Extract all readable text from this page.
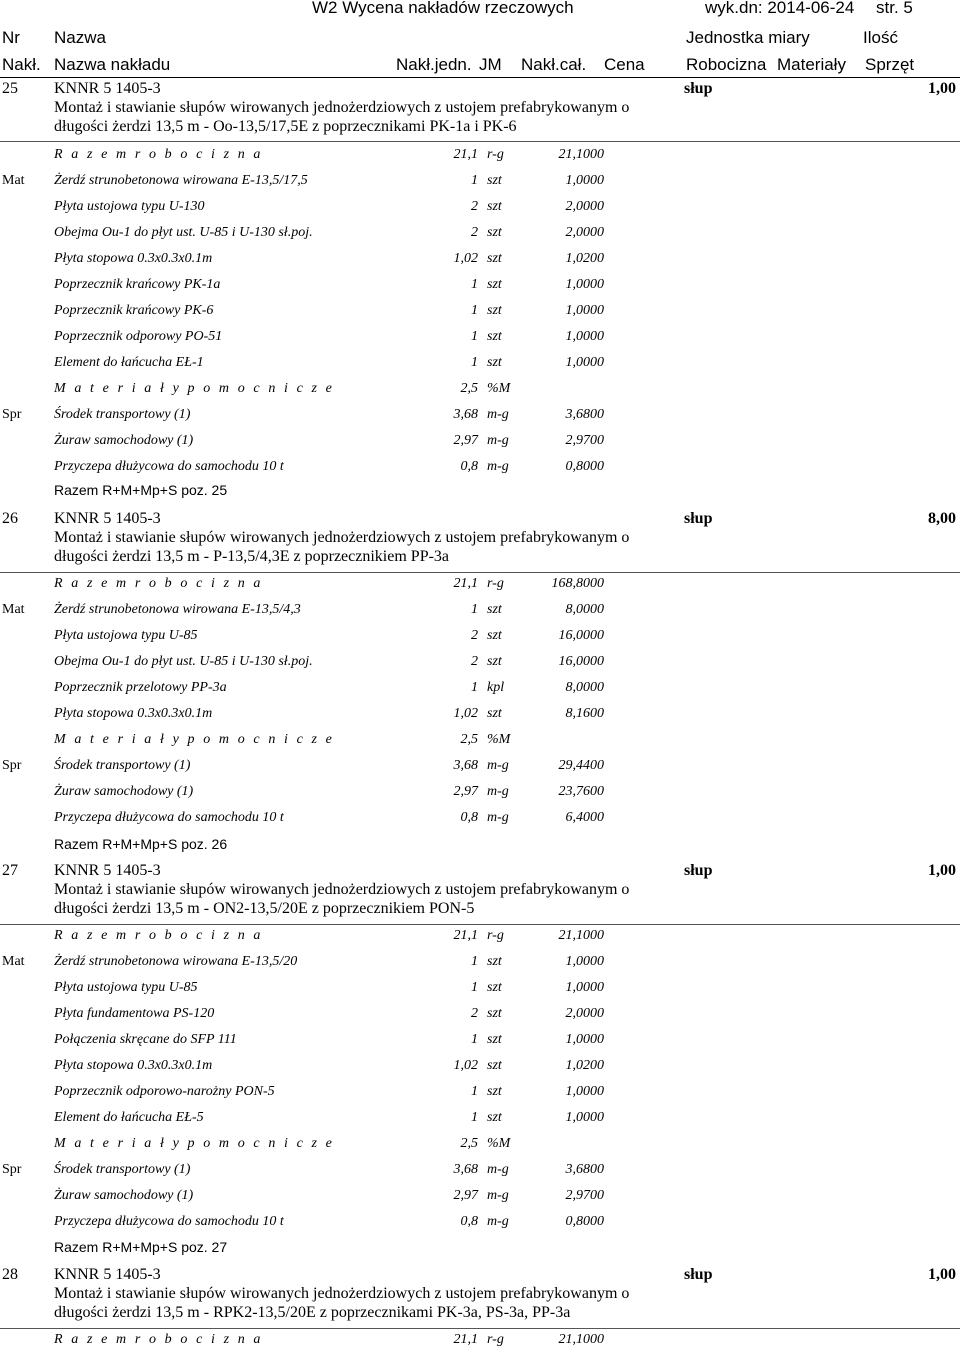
W2 Wycena nakładów rzeczowych	wyk.dn: 2014-06-24 str. 5
Nr Nazwa	Jednostka miary	Ilość
Nakł. Nazwa nakładu	Nakł.jedn. JM Nakł.cał. Cena Robocizna Materiały Sprzęt
25 KNNR 5 1405-3
Montaż i stawianie słupów wirowanych jednożerdziowych z ustojem prefabrykowanym o
długości żerdzi 13,5 m - Oo-13,5/17,5E z poprzecznikami PK-1a i PK-6
słup	1,00
R a z e m r o b o c i z n a	21,1 r-g	21,1000
Mat Żerdź strunobetonowa wirowana E-13,5/17,5	1 szt	1,0000
Płyta ustojowa typu U-130	2 szt	2,0000
Obejma Ou-1 do płyt ust. U-85 i U-130 sł.poj.	2 szt	2,0000
Płyta stopowa 0.3x0.3x0.1m	1,02 szt	1,0200
Poprzecznik krańcowy PK-1a	1 szt	1,0000
Poprzecznik krańcowy PK-6	1 szt	1,0000
Poprzecznik odporowy PO-51	1 szt	1,0000
Element do łańcucha EŁ-1	1 szt	1,0000
M a t e r i a ł y p o m o c n i c z e	2,5 %M
Spr Środek transportowy (1)	3,68 m-g	3,6800
Żuraw samochodowy (1)	2,97 m-g	2,9700
Przyczepa dłużycowa do samochodu 10 t	0,8 m-g	0,8000
Razem R+M+Mp+S poz. 25
26 KNNR 5 1405-3
Montaż i stawianie słupów wirowanych jednożerdziowych z ustojem prefabrykowanym o
długości żerdzi 13,5 m - P-13,5/4,3E z poprzecznikiem PP-3a
słup	8,00
R a z e m r o b o c i z n a	21,1 r-g	168,8000
Mat Żerdź strunobetonowa wirowana E-13,5/4,3	1 szt	8,0000
Płyta ustojowa typu U-85	2 szt	16,0000
Obejma Ou-1 do płyt ust. U-85 i U-130 sł.poj.	2 szt	16,0000
Poprzecznik przelotowy PP-3a	1 kpl	8,0000
Płyta stopowa 0.3x0.3x0.1m	1,02 szt	8,1600
M a t e r i a ł y p o m o c n i c z e	2,5 %M
Spr Środek transportowy (1)	3,68 m-g	29,4400
Żuraw samochodowy (1)	2,97 m-g	23,7600
Przyczepa dłużycowa do samochodu 10 t	0,8 m-g	6,4000
Razem R+M+Mp+S poz. 26
27 KNNR 5 1405-3
Montaż i stawianie słupów wirowanych jednożerdziowych z ustojem prefabrykowanym o
długości żerdzi 13,5 m - ON2-13,5/20E z poprzecznikiem PON-5
słup	1,00
R a z e m r o b o c i z n a	21,1 r-g	21,1000
Mat Żerdź strunobetonowa wirowana E-13,5/20	1 szt	1,0000
Płyta ustojowa typu U-85	1 szt	1,0000
Płyta fundamentowa PS-120	2 szt	2,0000
Połączenia skręcane do SFP 111	1 szt	1,0000
Płyta stopowa 0.3x0.3x0.1m	1,02 szt	1,0200
Poprzecznik odporowo-narożny PON-5	1 szt	1,0000
Element do łańcucha EŁ-5	1 szt	1,0000
M a t e r i a ł y p o m o c n i c z e	2,5 %M
Spr Środek transportowy (1)	3,68 m-g	3,6800
Żuraw samochodowy (1)	2,97 m-g	2,9700
Przyczepa dłużycowa do samochodu 10 t	0,8 m-g	0,8000
Razem R+M+Mp+S poz. 27
28 KNNR 5 1405-3
Montaż i stawianie słupów wirowanych jednożerdziowych z ustojem prefabrykowanym o
długości żerdzi 13,5 m - RPK2-13,5/20E z poprzecznikami PK-3a, PS-3a, PP-3a
słup	1,00
R a z e m r o b o c i z n a	21,1 r-g	21,1000
